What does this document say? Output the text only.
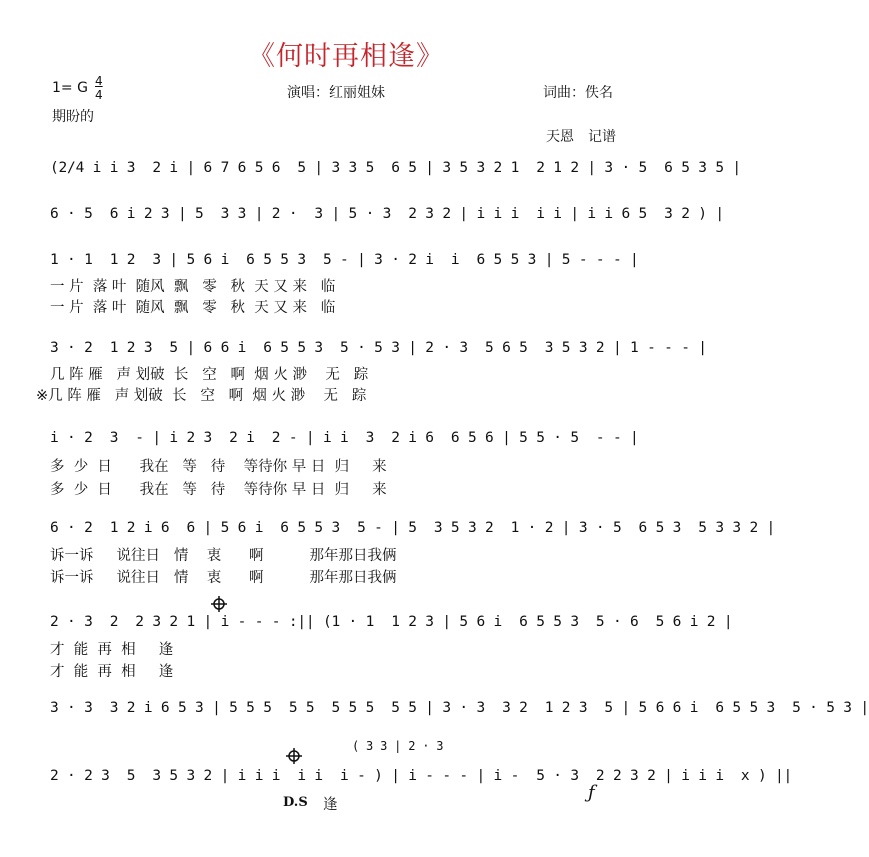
《何时再相逢》
1= G 4
4	演唱：红丽姐妹	词曲：佚名
期盼的
天恩　记谱
(2/4 i i 3  2 i | 6 7 6 5 6  5 | 3 3 5  6 5 | 3 5 3 2 1  2 1 2 | 3 · 5  6 5 3 5 |
6 · 5  6 i 2 3 | 5  3 3 | 2 ·  3 | 5 · 3  2 3 2 | i i i  i i | i i 6 5  3 2 ) |
1 · 1  1 2  3 | 5 6 i  6 5 5 3  5 - | 3 · 2 i  i  6 5 5 3 | 5 - - - |
一 片  落 叶  随风  飘   零   秋  天 又 来   临
一 片  落 叶  随风  飘   零   秋  天 又 来   临
3 · 2  1 2 3  5 | 6 6 i  6 5 5 3  5 · 5 3 | 2 · 3  5 6 5  3 5 3 2 | 1 - - - |
几 阵 雁   声 划破  长   空   啊  烟 火 渺    无   踪
※几 阵 雁   声 划破  长   空   啊  烟 火 渺    无   踪
i · 2  3  - | i 2 3  2 i  2 - | i i  3  2 i 6  6 5 6 | 5 5 · 5  - - |
多  少  日      我在   等   待    等待你 早 日  归     来
多  少  日      我在   等   待    等待你 早 日  归     来
6 · 2  1 2 i 6  6 | 5 6 i  6 5 5 3  5 - | 5  3 5 3 2  1 · 2 | 3 · 5  6 5 3  5 3 3 2 |
诉一诉     说往日   情    衷      啊          那年那日我俩
诉一诉     说往日   情    衷      啊          那年那日我俩
2 · 3  2  2 3 2 1 | i - - - :|| (1 · 1  1 2 3 | 5 6 i  6 5 5 3  5 · 6  5 6 i 2 |
才  能  再  相     逢
才  能  再  相     逢
3 · 3  3 2 i 6 5 3 | 5 5 5  5 5  5 5 5  5 5 | 3 · 3  3 2  1 2 3  5 | 5 6 6 i  6 5 5 3  5 · 5 3 |
( 3 3 | 2 · 3
2 · 2 3  5  3 5 3 2 | i i i  i i  i - ) | i - - - | i -  5 · 3  2 2 3 2 | i i i  x ) ||
D.S 逢
ƒ
